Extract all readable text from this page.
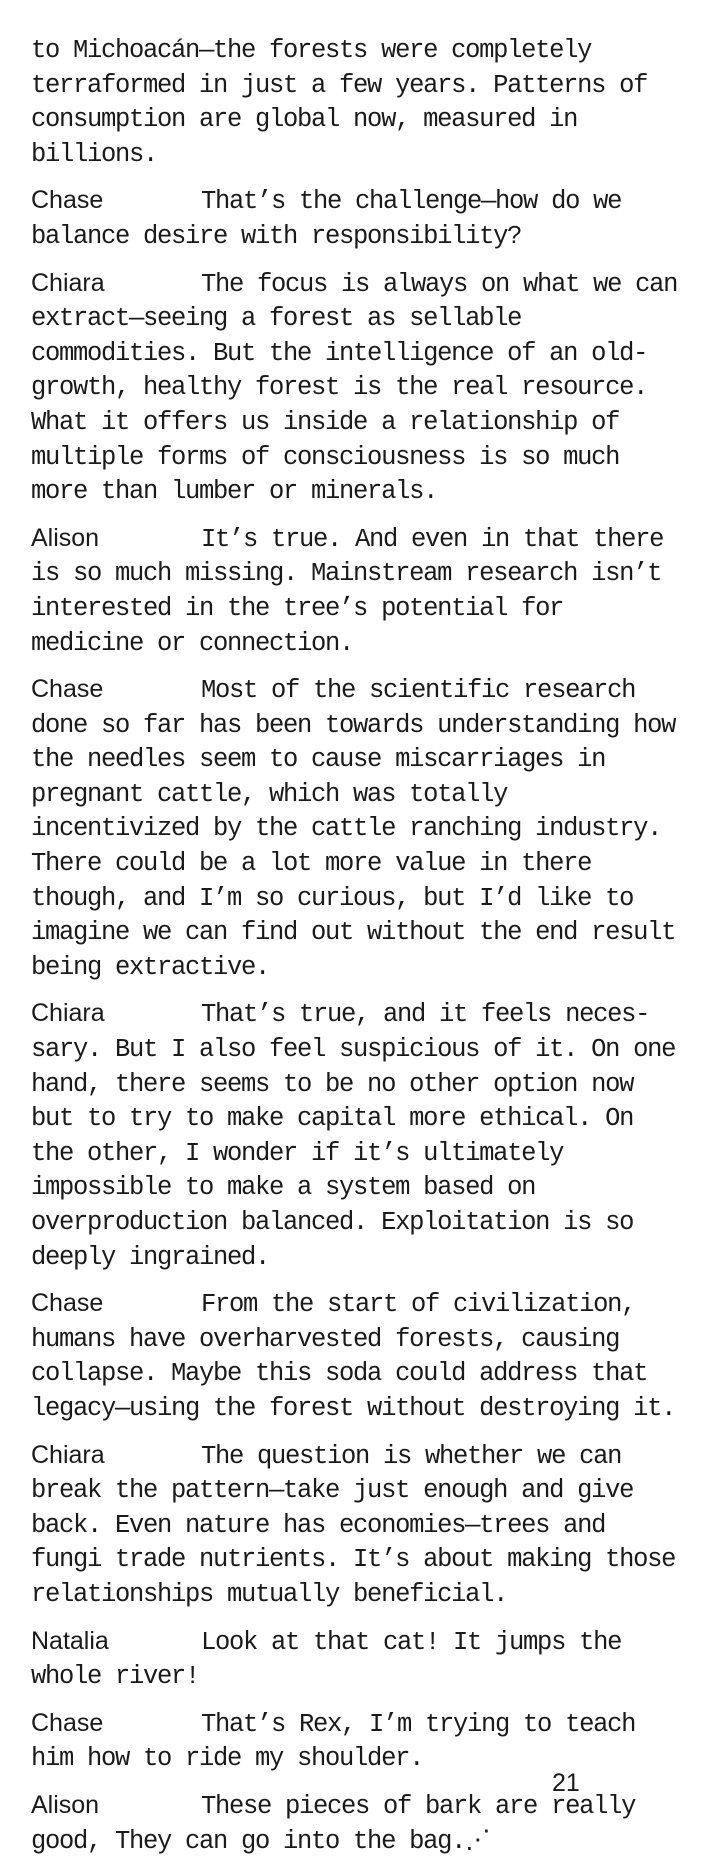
to Michoacán—the forests were completely terraformed in just a few years. Patterns of consumption are global now, measured in billions.

Chase	That’s the challenge—how do we balance desire with responsibility?

Chiara	The focus is always on what we can extract—seeing a forest as sellable commodities. But the intelligence of an old-growth, healthy forest is the real resource. What it offers us inside a relationship of multiple forms of consciousness is so much more than lumber or minerals.

Alison	It’s true. And even in that there is so much missing. Mainstream research isn’t interested in the tree’s potential for medicine or connection.

Chase	Most of the scientific research done so far has been towards understanding how the needles seem to cause miscarriages in pregnant cattle, which was totally incentivized by the cattle ranching industry. There could be a lot more value in there though, and I’m so curious, but I’d like to imagine we can find out without the end result being extractive.

Chiara	That’s true, and it feels necessary. But I also feel suspicious of it. On one hand, there seems to be no other option now but to try to make capital more ethical. On the other, I wonder if it’s ultimately impossible to make a system based on overproduction balanced. Exploitation is so deeply ingrained.

Chase	From the start of civilization, humans have overharvested forests, causing collapse. Maybe this soda could address that legacy—using the forest without destroying it.

Chiara	The question is whether we can break the pattern—take just enough and give back. Even nature has economies—trees and fungi trade nutrients. It’s about making those relationships mutually beneficial.

Natalia	Look at that cat! It jumps the whole river!

Chase	That’s Rex, I’m trying to teach him how to ride my shoulder.

Alison	These pieces of bark are really good, They can go into the bag.⋰

21
